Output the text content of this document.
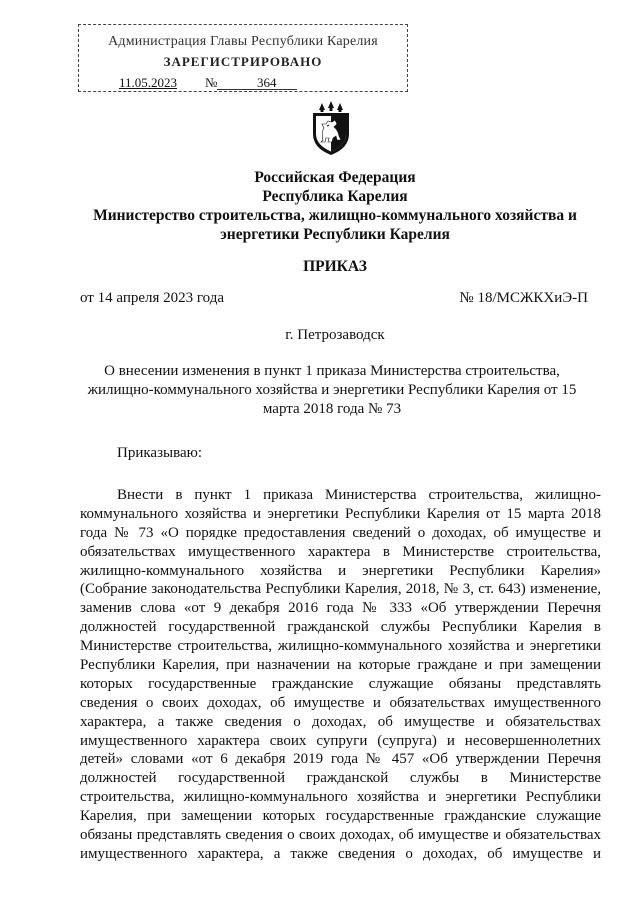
Администрация Главы Республики Карелия
ЗАРЕГИСТРИРОВАНО
11.05.2023 №	364
Российская Федерация
Республика Карелия
Министерство строительства, жилищно-коммунального хозяйства и
энергетики Республики Карелия
ПРИКАЗ
от 14 апреля 2023 года	№ 18/МСЖКХиЭ-П
г. Петрозаводск
О внесении изменения в пункт 1 приказа Министерства строительства, жилищно-коммунального хозяйства и энергетики Республики Карелия от 15 марта 2018 года № 73
Приказываю:
Внести в пункт 1 приказа Министерства строительства, жилищно-
коммунального хозяйства и энергетики Республики Карелия от 15 марта 2018
года № 73 «О порядке предоставления сведений о доходах, об имуществе и
обязательствах имущественного характера в Министерстве строительства,
жилищно-коммунального хозяйства и энергетики Республики Карелия»
(Собрание законодательства Республики Карелия, 2018, № 3, ст. 643) изменение,
заменив слова «от 9 декабря 2016 года № 333 «Об утверждении Перечня
должностей государственной гражданской службы Республики Карелия в
Министерстве строительства, жилищно-коммунального хозяйства и энергетики
Республики Карелия, при назначении на которые граждане и при замещении
которых государственные гражданские служащие обязаны представлять
сведения о своих доходах, об имуществе и обязательствах имущественного
характера, а также сведения о доходах, об имуществе и обязательствах
имущественного характера своих супруги (супруга) и несовершеннолетних
детей» словами «от 6 декабря 2019 года № 457 «Об утверждении Перечня
должностей государственной гражданской службы в Министерстве
строительства, жилищно-коммунального хозяйства и энергетики Республики
Карелия, при замещении которых государственные гражданские служащие
обязаны представлять сведения о своих доходах, об имуществе и обязательствах
имущественного характера, а также сведения о доходах, об имуществе и
